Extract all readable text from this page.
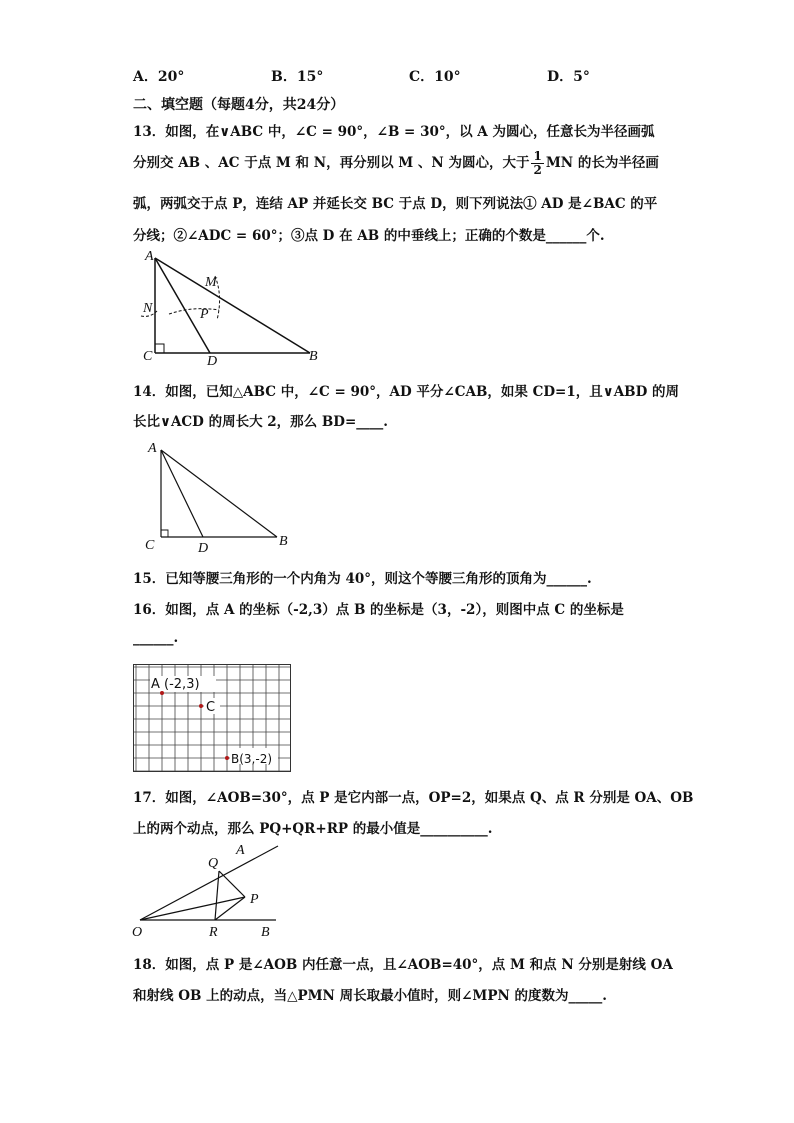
A．20°	B．15°	C．10°	D．5°
二、填空题（每题4分，共24分）
13．如图，在∨ABC 中，∠C = 90°，∠B = 30°，以 A 为圆心，任意长为半径画弧
分别交 AB 、AC 于点 M 和 N，再分别以 M 、N 为圆心，大于 $\frac{1}{2}$ MN 的长为半径画
弧，两弧交于点 P，连结 AP 并延长交 BC 于点 D，则下列说法① AD 是∠BAC 的平
分线；②∠ADC = 60°；③点 D 在 AB 的中垂线上；正确的个数是______个.
A
M
N	P
C	D	B
14．如图，已知△ABC 中，∠C = 90°，AD 平分∠CAB，如果 CD=1，且∨ABD 的周
长比∨ACD 的周长大 2，那么 BD=____.
A
C	D	B
15．已知等腰三角形的一个内角为 40°，则这个等腰三角形的顶角为______.
16．如图，点 A 的坐标（-2,3）点 B 的坐标是（3，-2），则图中点 C 的坐标是
______.
A (-2,3)
C
B(3,-2)
17．如图，∠AOB=30°，点 P 是它内部一点，OP=2，如果点 Q、点 R 分别是 OA、OB
上的两个动点，那么 PQ+QR+RP 的最小值是__________.
A
Q
P
O	R	B
18．如图，点 P 是∠AOB 内任意一点，且∠AOB=40°，点 M 和点 N 分别是射线 OA
和射线 OB 上的动点，当△PMN 周长取最小值时，则∠MPN 的度数为_____.
